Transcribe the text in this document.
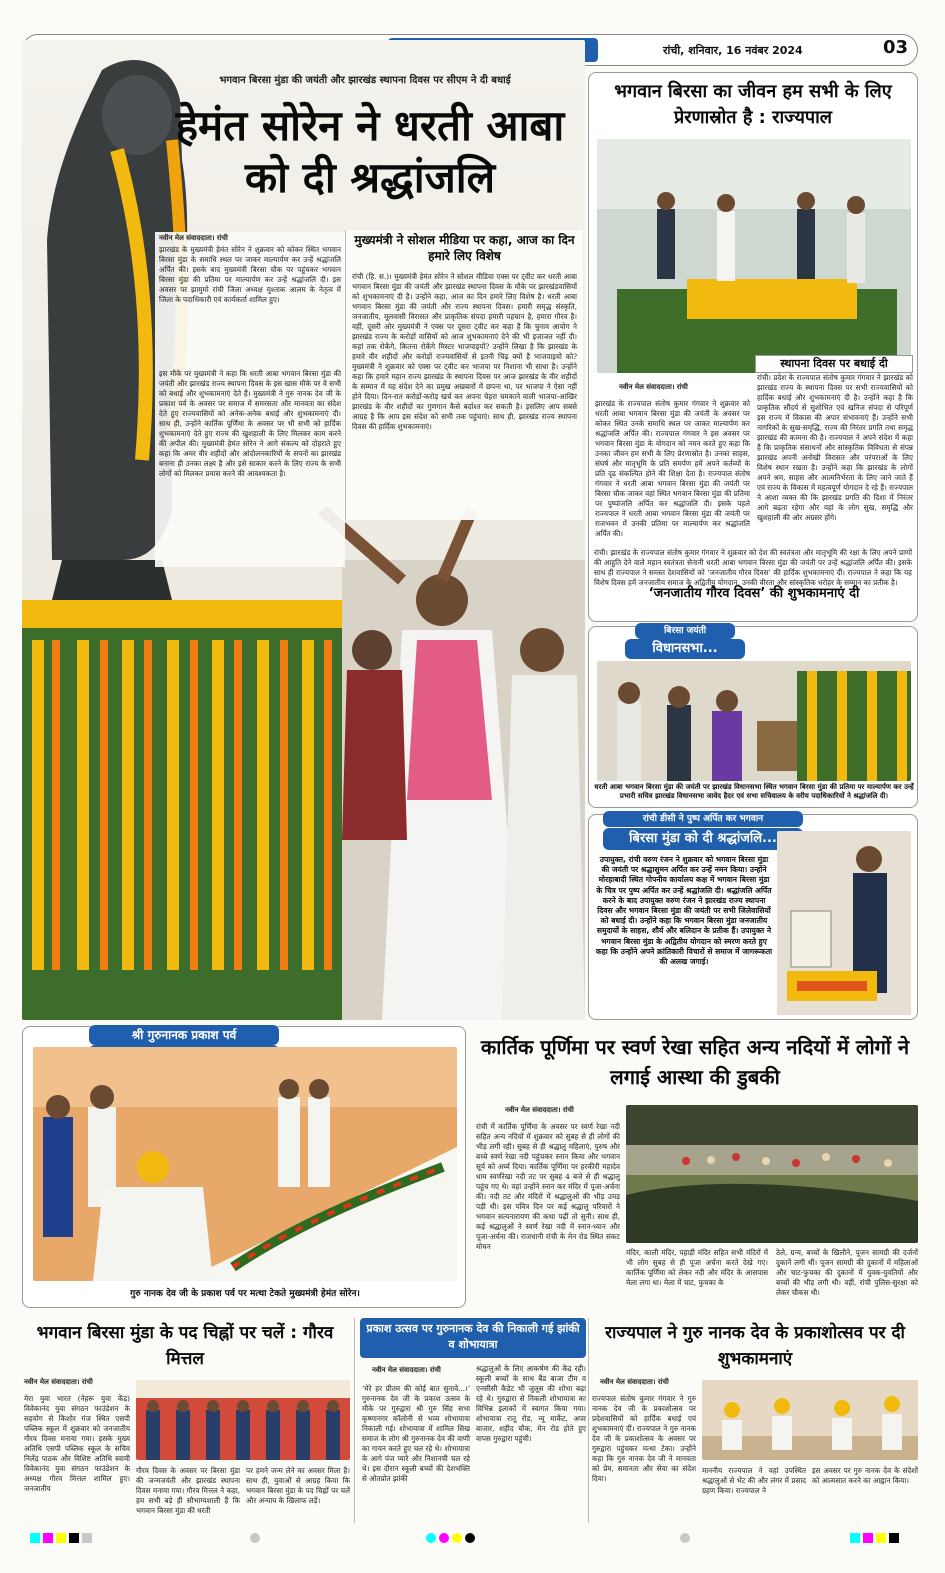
रांची, शनिवार, 16 नवंबर 2024	03
भगवान बिरसा मुंडा की जयंती और झारखंड स्थापना दिवस पर सीएम ने दी बधाई
हेमंत सोरेन ने धरती आबा को दी श्रद्धांजलि
नवीन मेल संवाददाता। रांची
झारखंड के मुख्यमंत्री हेमंत सोरेन ने शुक्रवार को कोकर स्थित भगवान बिरसा मुंडा के समाधि स्थल पर जाकर माल्यार्पण कर उन्हें श्रद्धांजलि अर्पित की। इसके बाद मुख्यमंत्री बिरसा चौक पर पहुंचकर भगवान बिरसा मुंडा की प्रतिमा पर माल्यार्पण कर उन्हें श्रद्धांजलि दी। इस अवसर पर झामुमो रांची जिला अध्यक्ष मुश्ताक आलम के नेतृत्व में जिला के पदाधिकारी एवं कार्यकर्ता शामिल हुए।
इस मौके पर मुख्यमंत्री ने कहा कि धरती आबा भगवान बिरसा मुंडा की जयंती और झारखंड राज्य स्थापना दिवस के इस खास मौके पर वे सभी को बधाई और शुभकामनाएं देते हैं। मुख्यमंत्री ने गुरु नानक देव जी के प्रकाश पर्व के अवसर पर समाज में समरसता और मानवता का संदेश देते हुए राज्यवासियों को अनेक-अनेक बधाई और शुभकामनाएं दी। साथ ही, उन्होंने कार्तिक पूर्णिमा के अवसर पर भी सभी को हार्दिक शुभकामनाएं देते हुए राज्य की खुशहाली के लिए मिलकर काम करने की अपील की। मुख्यमंत्री हेमंत सोरेन ने आगे संकल्प को दोहराते हुए कहा कि अमर वीर शहीदों और आंदोलनकारियों के सपनों का झारखंड बनाना ही उनका लक्ष्य है और इसे साकार करने के लिए राज्य के सभी लोगों को मिलकर प्रयास करने की आवश्यकता है।
मुख्यमंत्री ने सोशल मीडिया पर कहा, आज का दिन हमारे लिए विशेष
रांची (हि. स.)। मुख्यमंत्री हेमंत सोरेन ने सोशल मीडिया एक्स पर ट्वीट कर धरती आबा भगवान बिरसा मुंडा की जयंती और झारखंड स्थापना दिवस के मौके पर झारखंडवासियों को शुभकामनाएं दी है। उन्होंने कहा, आज का दिन हमारे लिए विशेष है। धरती आबा भगवान बिरसा मुंडा की जयंती और राज्य स्थापना दिवस। हमारी समृद्ध संस्कृति, जनजातीय, मूलवासी विरासत और प्राकृतिक संपदा हमारी पहचान है, हमारा गौरव है। वहीं, दूसरी ओर मुख्यमंत्री ने एक्स पर दूसरा ट्वीट कर कहा है कि चुनाव आयोग ने झारखंड राज्य के करोड़ों वासियों को आज शुभकामनाएं देने की भी इजाजत नहीं दी। कहां तक रोकेंगे, कितना रोकेंगे मिस्टर भाजपाइयों? उन्होंने लिखा है कि झारखंड के हमारे वीर शहीदों और करोड़ों राज्यवासियों से इतनी चिढ़ क्यों है भाजपाइयो को? मुख्यमंत्री ने शुक्रवार को एक्स पर ट्वीट कर भाजपा पर निशाना भी साधा है। उन्होंने कहा कि हमारे महान राज्य झारखंड के स्थापना दिवस पर आज झारखंड के वीर शहीदों के सम्मान में यह संदेश देने का प्रमुख अखबारों में छपना था, पर भाजपा ने ऐसा नहीं होने दिया। दिन-रात करोड़ों-करोड़ खर्च कर अपना चेहरा चमकाने वाली भाजपा-आखिर झारखंड के वीर शहीदों का गुणगान कैसे बर्दाश्त कर सकती है। इसलिए आप सबसे आग्रह है कि आप इस संदेश को सभी तक पहुंचाएं। साथ ही, झारखंड राज्य स्थापना दिवस की हार्दिक शुभकामनाएं।
भगवान बिरसा का जीवन हम सभी के लिए प्रेरणास्रोत है : राज्यपाल
नवीन मेल संवाददाता। रांची
झारखंड के राज्यपाल संतोष कुमार गंगवार ने शुक्रवार को धरती आबा भगवान बिरसा मुंडा की जयंती के अवसर पर कोकर स्थित उनके समाधि स्थल पर जाकर माल्यार्पण कर श्रद्धांजलि अर्पित की। राज्यपाल गंगवार ने इस अवसर पर भगवान बिरसा मुंडा के योगदान को नमन करते हुए कहा कि उनका जीवन हम सभी के लिए प्रेरणास्रोत है। उनका साहस, संघर्ष और मातृभूमि के प्रति समर्पण हमें अपने कर्तव्यों के प्रति दृढ़ संकल्पित होने की शिक्षा देता है। राज्यपाल संतोष गंगवार ने धरती आबा भगवान बिरसा मुंडा की जयंती पर बिरसा चौक जाकर वहां स्थित भगवान बिरसा मुंडा की प्रतिमा पर पुष्पांजलि अर्पित कर श्रद्धांजलि दी। इसके पहले राज्यपाल ने धरती आबा भगवान बिरसा मुंडा की जयंती पर राजभवन में उनकी प्रतिमा पर माल्यार्पण कर श्रद्धांजलि अर्पित की।
स्थापना दिवस पर बधाई दी
रांची। प्रदेश के राज्यपाल संतोष कुमार गंगवार ने झारखंड को झारखंड राज्य के स्थापना दिवस पर सभी राज्यवासियों को हार्दिक बधाई और शुभकामनाएं दी है। उन्होंने कहा है कि प्राकृतिक सौंदर्य से सुशोभित एवं खनिज संपदा से परिपूर्ण इस राज्य में विकास की अपार संभावनाएं हैं। उन्होंने सभी नागरिकों के सुख-समृद्धि, राज्य की निरंतर प्रगति तथा समृद्ध झारखंड की कामना की है। राज्यपाल ने अपने संदेश में कहा है कि प्राकृतिक संसाधनों और सांस्कृतिक विविधता से संपन्न झारखंड अपनी अनोखी विरासत और परंपराओं के लिए विशेष स्थान रखता है। उन्होंने कहा कि झारखंड के लोगों अपने श्रम, साहस और आत्मनिर्भरता के लिए जाने जाते हैं एवं राज्य के विकास में महत्वपूर्ण योगदान दे रहे हैं। राज्यपाल ने आशा व्यक्त की कि झारखंड प्रगति की दिशा में निरंतर आगे बढ़ता रहेगा और यहां के लोग सुख, समृद्धि और खुशहाली की ओर अग्रसर होंगे।
‘जनजातीय गौरव दिवस’ की शुभकामनाएं दी
रांची। झारखंड के राज्यपाल संतोष कुमार गंगवार ने शुक्रवार को देश की स्वतंत्रता और मातृभूमि की रक्षा के लिए अपने प्राणों की आहुति देने वाले महान स्वतंत्रता सेनानी धरती आबा भगवान बिरसा मुंडा की जयंती पर उन्हें श्रद्धांजलि अर्पित की। इसके साथ ही राज्यपाल ने समस्त देशवासियों को ‘जनजातीय गौरव दिवस’ की हार्दिक शुभकामनाएं दीं। राज्यपाल ने कहा कि यह विशेष दिवस हमें जनजातीय समाज के अद्वितीय योगदान, उनकी वीरता और सांस्कृतिक धरोहर के सम्मान का प्रतीक है।
बिरसा जयंती
विधानसभा...
धरती आबा भगवान बिरसा मुंडा की जयंती पर झारखंड विधानसभा स्थित भगवान बिरसा मुंडा की प्रतिमा पर माल्यार्पण कर उन्हें प्रभारी सचिव झारखंड विधानसभा जावेद हैदर एवं सभा सचिवालय के वरीय पदाधिकारियों ने श्रद्धांजलि दी।
रांची डीसी ने पुष्प अर्पित कर भगवान
बिरसा मुंडा को दी श्रद्धांजलि...
उपायुक्त, रांची वरुण रंजन ने शुक्रवार को भगवान बिरसा मुंडा की जयंती पर श्रद्धासुमन अर्पित कर उन्हें नमन किया। उन्होंने मोरहाबादी स्थित गोपनीय कार्यालय कक्ष में भगवान बिरसा मुंडा के चित्र पर पुष्प अर्पित कर उन्हें श्रद्धांजलि दी। श्रद्धांजलि अर्पित करने के बाद उपायुक्त वरुण रंजन ने झारखंड राज्य स्थापना दिवस और भगवान बिरसा मुंडा की जयंती पर सभी जिलेवासियों को बधाई दी। उन्होंने कहा कि भगवान बिरसा मुंडा जनजातीय समुदायों के साहस, शौर्य और बलिदान के प्रतीक हैं। उपायुक्त ने भगवान बिरसा मुंडा के अद्वितीय योगदान को स्मरण करते हुए कहा कि उन्होंने अपने क्रांतिकारी विचारों से समाज में जागरूकता की अलख जगाई।
श्री गुरुनानक प्रकाश पर्व
गुरु नानक देव जी के प्रकाश पर्व पर मत्था टेकते मुख्यमंत्री हेमंत सोरेन।
कार्तिक पूर्णिमा पर स्वर्ण रेखा सहित अन्य नदियों में लोगों ने लगाई आस्था की डुबकी
नवीन मेल संवाददाता। रांची
रांची में कार्तिक पूर्णिमा के अवसर पर स्वर्ण रेखा नदी सहित अन्य नदियों में शुक्रवार को सुबह से ही लोगों की भीड़ लगी रही। सुबह से ही श्रद्धालु महिलाएं, पुरुष और बच्चे स्वर्ण रेखा नदी पहुंचकर स्नान किया और भगवान सूर्य को अर्घ्य दिया। कार्तिक पूर्णिमा पर हरकीरी महादेव धाम स्वर्णरेखा नदी तट पर सुबह 4 बजे से ही श्रद्धालु पहुंच गए थे। वहां उन्होंने स्नान कर मंदिर में पूजा-अर्चना की। नदी तट और मंदिरों में श्रद्धालुओं की भीड़ उमड़ पड़ी थी। इस पवित्र दिन पर कई श्रद्धालु परिवारों ने भगवान सत्यनारायण की कथा पढ़ीं तो सुनी। साथ ही, कई श्रद्धालुओं ने स्वर्ण रेखा नदी में स्नान-ध्यान और पूजा-अर्चना की। राजधानी रांची के मेन रोड स्थित संकट मोचन
मंदिर, काली मंदिर, पहाड़ी मंदिर सहित सभी मंदिरों में भी लोग सुबह से ही पूजा अर्चना करते देखे गए। कार्तिक पूर्णिमा को लेकर नदी और मंदिर के आसपास मेला लगा था। मेला में चाट, फुचका के
ठेले, ग्रन्य, बच्चों के खिलौने, पूजन सामग्री की दर्जनों दुकानें लगी थीं। पूजन सामग्री की दुकानों में महिलाओं और चाट-फुचका की दुकानों में युवक-युवतियों और बच्चों की भीड़ लगी थी। वहीं, रांची पुलिस-सुरक्षा को लेकर चौकस थी।
भगवान बिरसा मुंडा के पद चिह्नों पर चलें : गौरव मित्तल
नवीन मेल संवाददाता। रांची
मेरा युवा भारत (नेहरू युवा केंद्र) विवेकानंद युवा संगठन फाउंडेशन के सहयोग से किशोर गंज स्थित एसपी पब्लिक स्कूल में शुक्रवार को जनजातीय गौरव दिवस मनाया गया। इसके मुख्य अतिथि एसपी पब्लिक स्कूल के सचिव निलेंद्र पाठक और विशिष्ट अतिथि स्वामी विवेकानंद युवा संगठन फाउंडेशन के अध्यक्ष गौरव मित्तल शामिल हुए। जनजातीय
गौरव दिवस के अवसर पर बिरसा मुंडा की जन्मजयंती और झारखंड स्थापना दिवस मनाया गया। गौरव मित्तल ने कहा, हम सभी बड़े ही सौभाग्यशाली हैं कि भगवान बिरसा मुंडा की धरती
पर हमने जन्म लेने का अवसर मिला है। साथ ही, युवाओं से आग्रह किया कि भगवान बिरसा मुंडा के पद चिह्नों पर चलें और अन्याय के खिलाफ लड़ें।
प्रकाश उत्सव पर गुरुनानक देव की निकाली गई झांकी व शोभायात्रा
नवीन मेल संवाददाता। रांची
‘मेरे हर प्रीतम की कोई बात सुनावे...।’ गुरुनानक देव जी के प्रकाश उत्सव के मौके पर गुरुद्वारा श्री गुरु सिंह सभा कृष्णानगर कॉलोनी से भव्य शोभायात्रा निकाली गई। शोभायात्रा में शामिल सिख समाज के लोग श्री गुरुनानक देव की वाणी का गायन करते हुए चल रहे थे। शोभायात्रा के आगे पंज प्यारे और निशानची चल रहे थे। इस दौरान स्कूली बच्चों की देशभक्ति से ओतप्रोत झांकी
श्रद्धालुओं के लिए आकर्षण की केंद्र रही। स्कूली बच्चों के साथ बैंड बाजा टीम व एनसीसी कैडेट भी जुलूस की शोभा बढ़ा रहे थे। गुरुद्वारा से निकली शोभायात्रा का विभिन्न इलाकों में स्वागत किया गया। शोभायात्रा रातू रोड, न्यू मार्केट, अपर बाजार, शहीद चौक, मेन रोड होते हुए वापस गुरुद्वारा पहुंची।
राज्यपाल ने गुरु नानक देव के प्रकाशोत्सव पर दी शुभकामनाएं
नवीन मेल संवाददाता। रांची
राज्यपाल संतोष कुमार गंगवार ने गुरु नानक देव जी के प्रकाशोत्सव पर प्रदेशवासियों को हार्दिक बधाई एवं शुभकामनाएं दीं। राज्यपाल ने गुरु नानक देव जी के प्रकाशोत्सव के अवसर पर गुरुद्वारा पहुंचकर मत्था टेका। उन्होंने कहा कि गुरु नानक देव जी ने मानवता को प्रेम, समानता और सेवा का संदेश दिया।
माननीय राज्यपाल ने वहां उपस्थित श्रद्धालुओं से भेंट की और लंगर में प्रसाद ग्रहण किया। राज्यपाल ने
इस अवसर पर गुरु नानक देव के संदेशों को आत्मसात करने का आह्वान किया।
